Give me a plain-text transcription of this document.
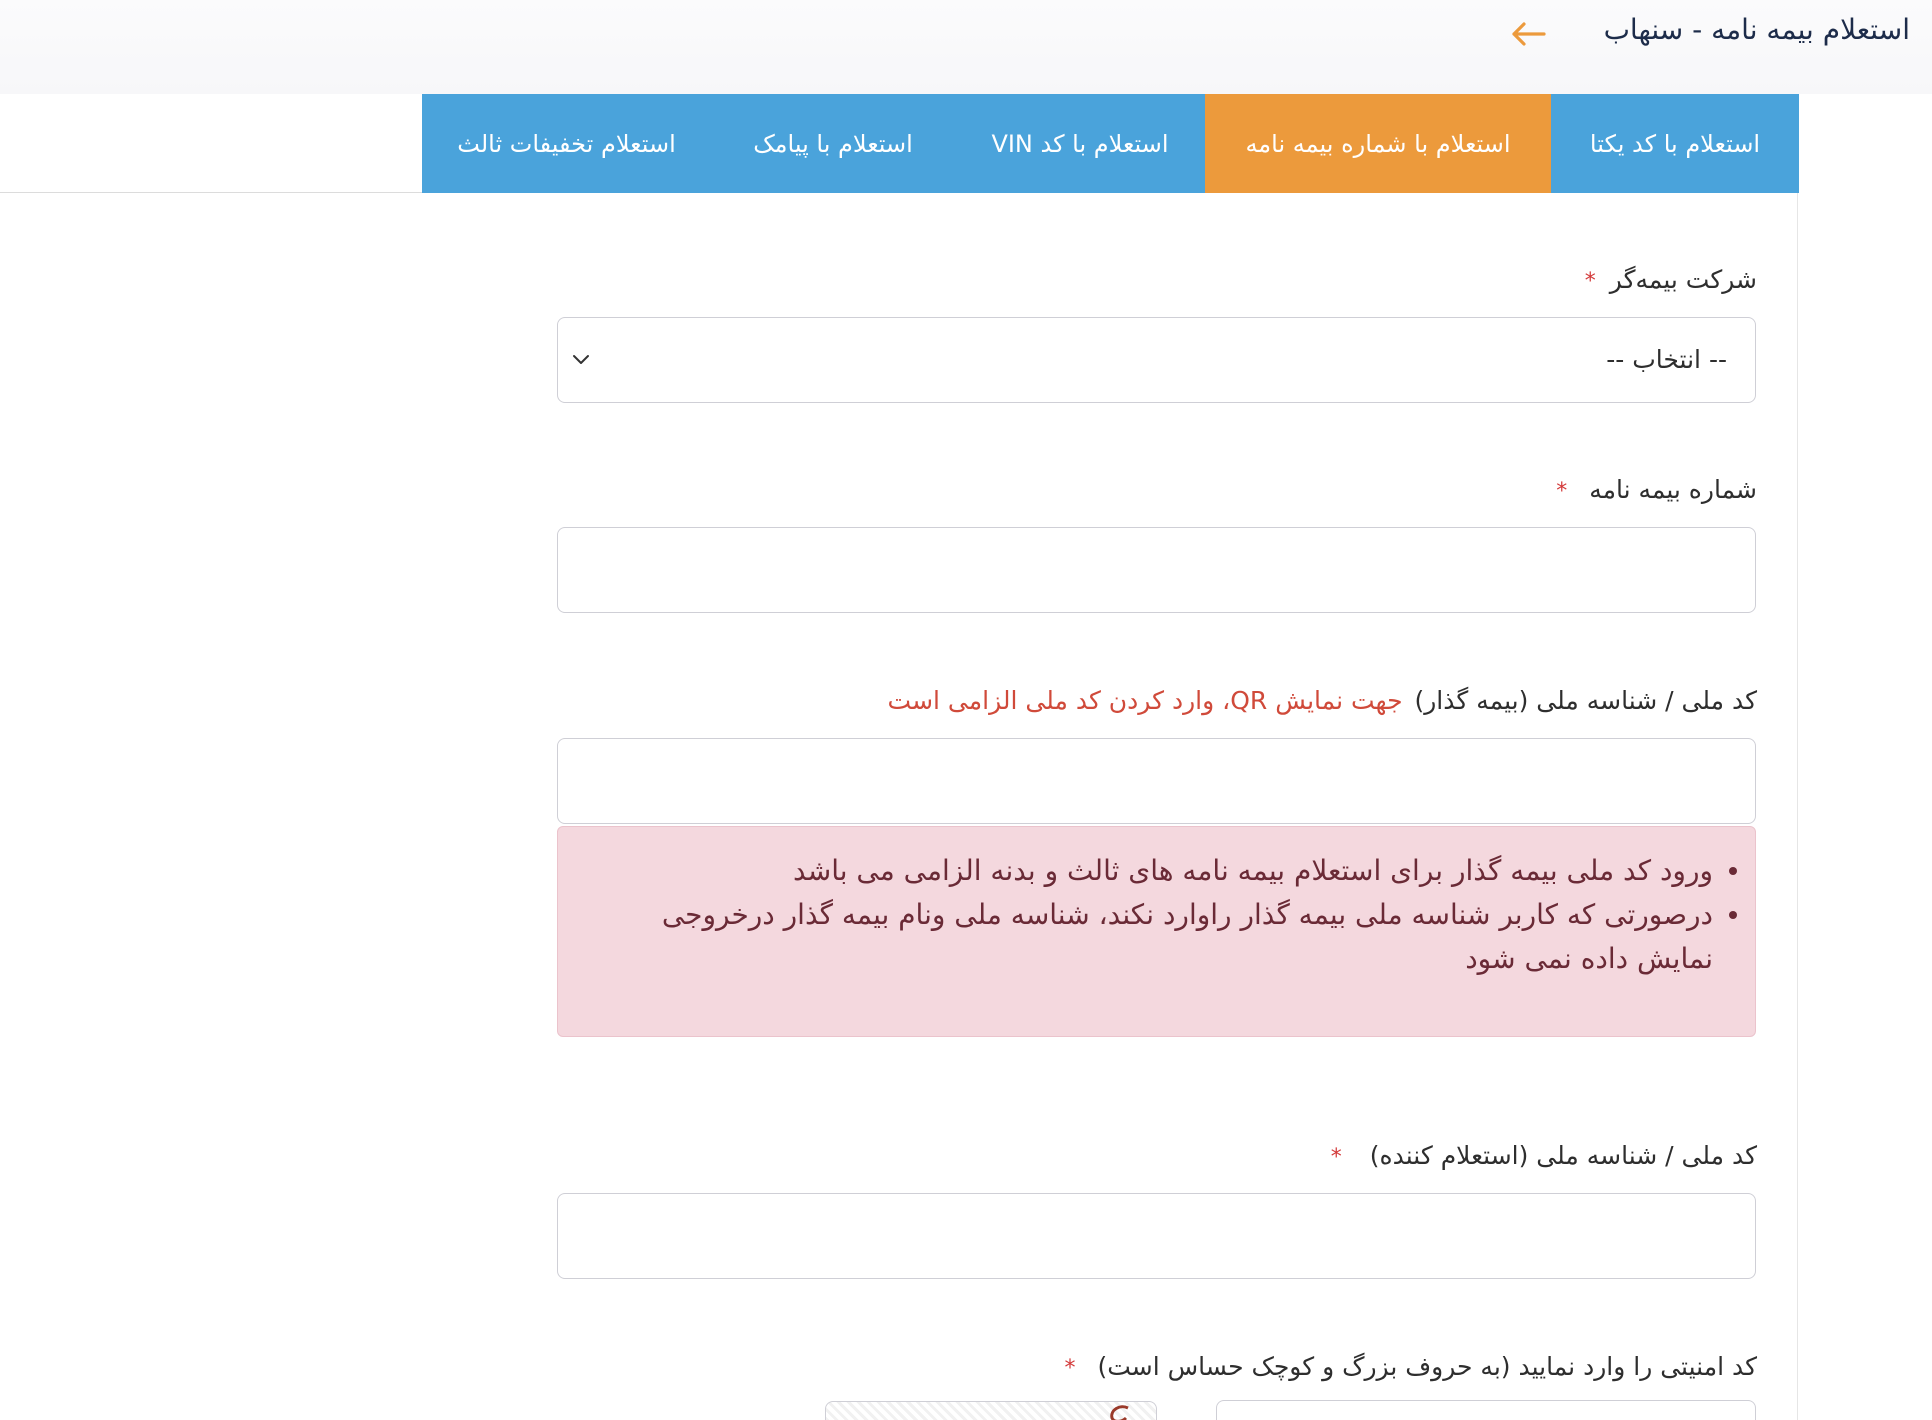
استعلام بیمه نامه - سنهاب
استعلام با کد یکتا
استعلام با شماره بیمه نامه
استعلام با کد VIN
استعلام با پیامک
استعلام تخفیفات ثالث
شرکت بیمه‌گر*
-- انتخاب --
شماره بیمه نامه*
کد ملی / شناسه ملی (بیمه گذار) جهت نمایش QR، وارد کردن کد ملی الزامی است
ورود کد ملی بیمه گذار برای استعلام بیمه نامه های ثالث و بدنه الزامی می باشد
درصورتی که کاربر شناسه ملی بیمه گذار راوارد نکند، شناسه ملی ونام بیمه گذار درخروجی نمایش داده نمی شود
کد ملی / شناسه ملی (استعلام کننده)*
کد امنیتی را وارد نمایید (به حروف بزرگ و کوچک حساس است)*
